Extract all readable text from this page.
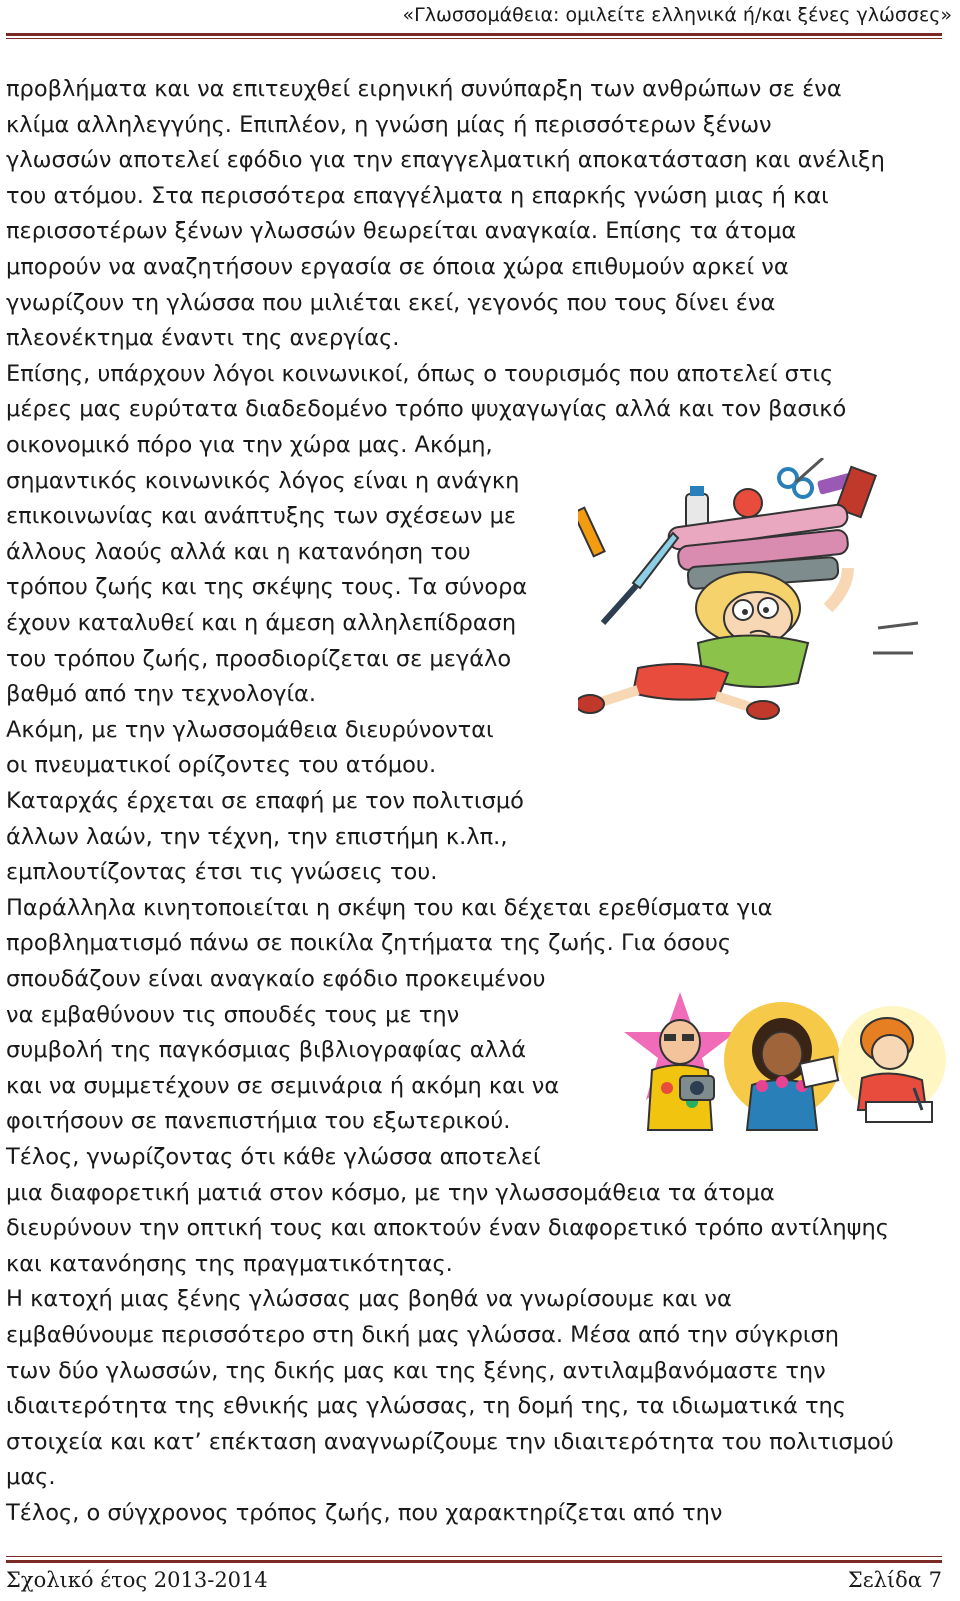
«Γλωσσομάθεια: ομιλείτε ελληνικά ή/και ξένες γλώσσες»

προβλήματα και να επιτευχθεί ειρηνική συνύπαρξη των ανθρώπων σε ένα
κλίμα αλληλεγγύης. Επιπλέον, η γνώση μίας ή περισσότερων ξένων
γλωσσών αποτελεί εφόδιο για την επαγγελματική αποκατάσταση και ανέλιξη
του ατόμου. Στα περισσότερα επαγγέλματα η επαρκής γνώση μιας ή και
περισσοτέρων ξένων γλωσσών θεωρείται αναγκαία. Επίσης τα άτομα
μπορούν να αναζητήσουν εργασία σε όποια χώρα επιθυμούν αρκεί να
γνωρίζουν τη γλώσσα που μιλιέται εκεί, γεγονός που τους δίνει ένα
πλεονέκτημα έναντι της ανεργίας.

Επίσης, υπάρχουν λόγοι κοινωνικοί, όπως ο τουρισμός που αποτελεί στις
μέρες μας ευρύτατα διαδεδομένο τρόπο ψυχαγωγίας αλλά και τον βασικό
οικονομικό πόρο για την χώρα μας. Ακόμη,
σημαντικός κοινωνικός λόγος είναι η ανάγκη
επικοινωνίας και ανάπτυξης των σχέσεων με
άλλους λαούς αλλά και η κατανόηση του
τρόπου ζωής και της σκέψης τους. Τα σύνορα
έχουν καταλυθεί και η άμεση αλληλεπίδραση
του τρόπου ζωής, προσδιορίζεται σε μεγάλο
βαθμό από την τεχνολογία.

Ακόμη, με την γλωσσομάθεια διευρύνονται
οι πνευματικοί ορίζοντες του ατόμου.
Καταρχάς έρχεται σε επαφή με τον πολιτισμό
άλλων λαών, την τέχνη, την επιστήμη κ.λπ.,
εμπλουτίζοντας έτσι τις γνώσεις του.
Παράλληλα κινητοποιείται η σκέψη του και δέχεται ερεθίσματα για
προβληματισμό πάνω σε ποικίλα ζητήματα της ζωής. Για όσους
σπουδάζουν είναι αναγκαίο εφόδιο προκειμένου
να εμβαθύνουν τις σπουδές τους με την
συμβολή της παγκόσμιας βιβλιογραφίας αλλά
και να συμμετέχουν σε σεμινάρια ή ακόμη και να
φοιτήσουν σε πανεπιστήμια του εξωτερικού.
Τέλος, γνωρίζοντας ότι κάθε γλώσσα αποτελεί
μια διαφορετική ματιά στον κόσμο, με την γλωσσομάθεια τα άτομα
διευρύνουν την οπτική τους και αποκτούν έναν διαφορετικό τρόπο αντίληψης
και κατανόησης της πραγματικότητας.

Η κατοχή μιας ξένης γλώσσας μας βοηθά να γνωρίσουμε και να
εμβαθύνουμε περισσότερο στη δική μας γλώσσα. Μέσα από την σύγκριση
των δύο γλωσσών, της δικής μας και της ξένης, αντιλαμβανόμαστε την
ιδιαιτερότητα της εθνικής μας γλώσσας, τη δομή της, τα ιδιωματικά της
στοιχεία και κατ’ επέκταση αναγνωρίζουμε την ιδιαιτερότητα του πολιτισμού
μας.

Τέλος, ο σύγχρονος τρόπος ζωής, που χαρακτηρίζεται από την

Σχολικό έτος 2013-2014	Σελίδα 7
